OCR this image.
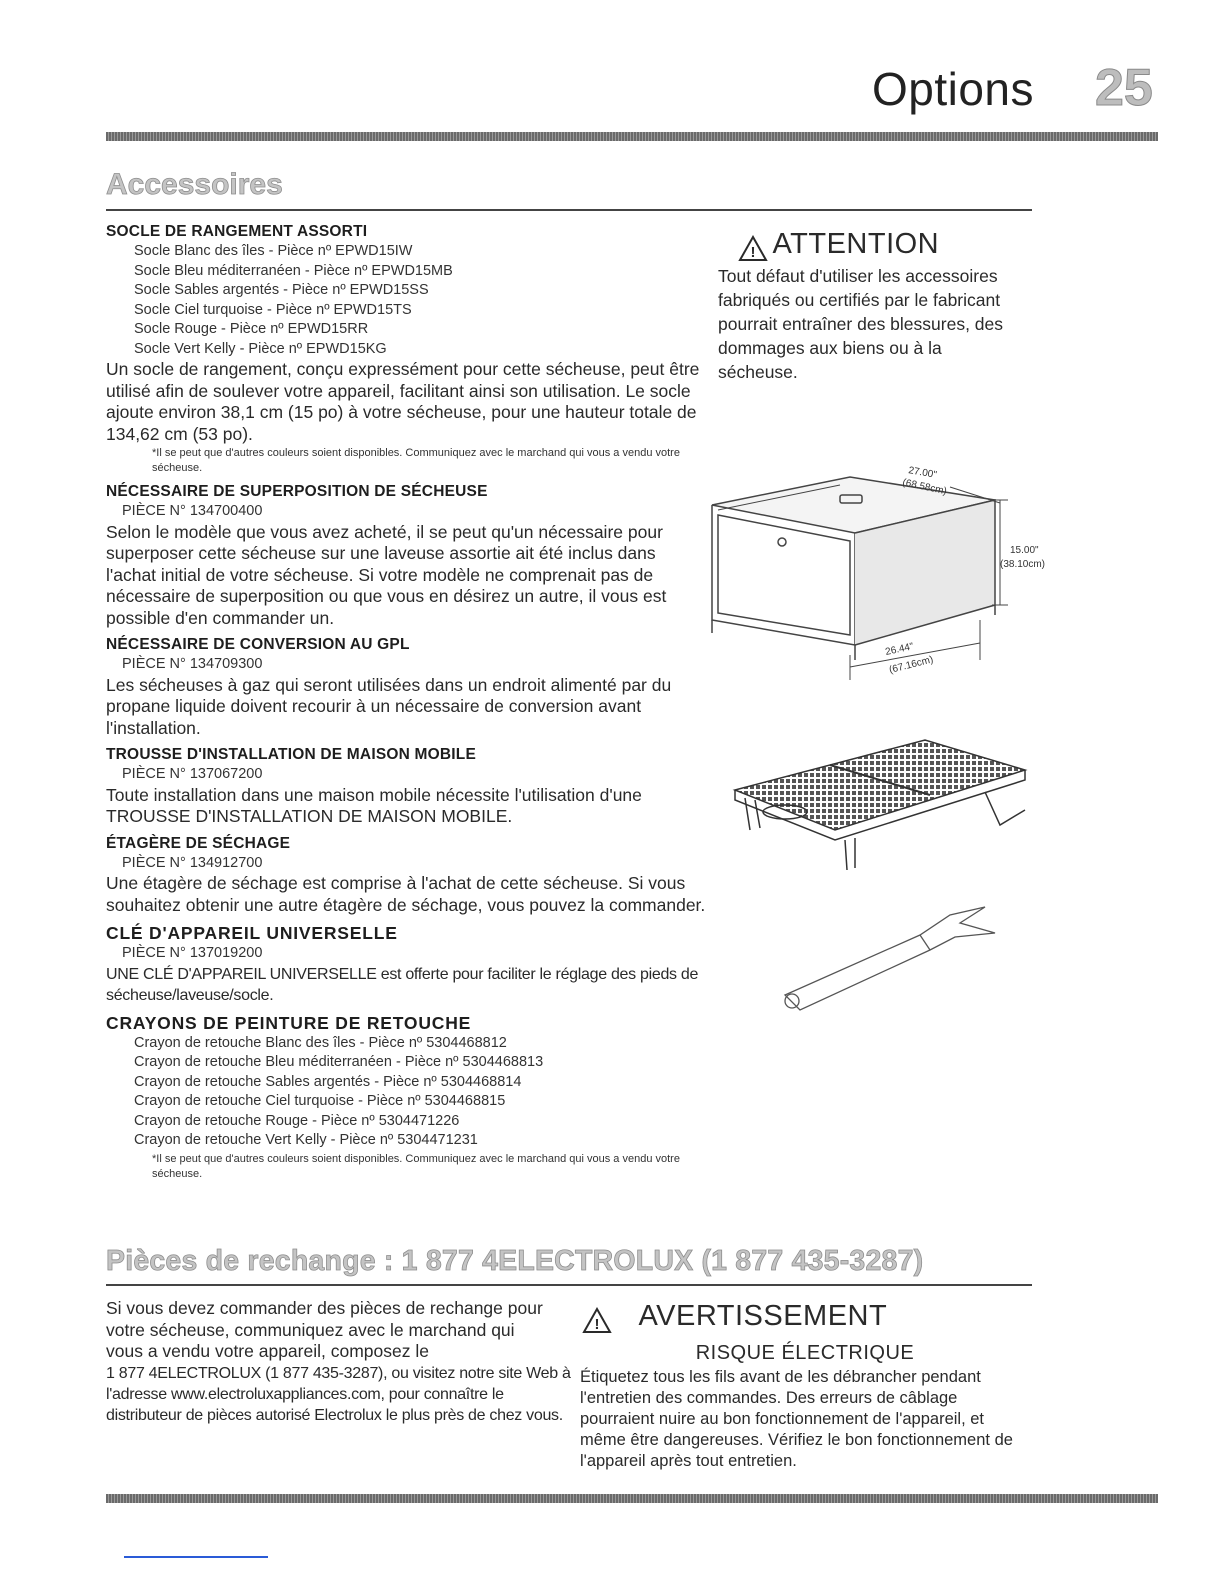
Options 25
Accessoires

SOCLE DE RANGEMENT ASSORTI

Socle Blanc des îles - Pièce nº EPWD15IW

Socle Bleu méditerranéen - Pièce nº EPWD15MB

Socle Sables argentés - Pièce nº EPWD15SS

Socle Ciel turquoise - Pièce nº EPWD15TS

Socle Rouge - Pièce nº EPWD15RR

Socle Vert Kelly - Pièce nº EPWD15KG

Un socle de rangement, conçu expressément pour cette sécheuse, peut être utilisé afin de soulever votre appareil, facilitant ainsi son utilisation. Le socle ajoute environ 38,1 cm (15 po) à votre sécheuse, pour une hauteur totale de 134,62 cm (53 po).

*Il se peut que d'autres couleurs soient disponibles. Communiquez avec le marchand qui vous a vendu votre sécheuse.

NÉCESSAIRE DE SUPERPOSITION DE SÉCHEUSE

PIÈCE N° 134700400

Selon le modèle que vous avez acheté, il se peut qu'un nécessaire pour superposer cette sécheuse sur une laveuse assortie ait été inclus dans l'achat initial de votre sécheuse. Si votre modèle ne comprenait pas de nécessaire de superposition ou que vous en désirez un autre, il vous est possible d'en commander un.

NÉCESSAIRE DE CONVERSION AU GPL

PIÈCE N° 134709300

Les sécheuses à gaz qui seront utilisées dans un endroit alimenté par du propane liquide doivent recourir à un nécessaire de conversion avant l'installation.

TROUSSE D'INSTALLATION DE MAISON MOBILE

PIÈCE N° 137067200

Toute installation dans une maison mobile nécessite l'utilisation d'une TROUSSE D'INSTALLATION DE MAISON MOBILE.

ÉTAGÈRE DE SÉCHAGE

PIÈCE N° 134912700

Une étagère de séchage est comprise à l'achat de cette sécheuse. Si vous souhaitez obtenir une autre étagère de séchage, vous pouvez la commander.

CLÉ D'APPAREIL UNIVERSELLE

PIÈCE N° 137019200

UNE CLÉ D'APPAREIL UNIVERSELLE est offerte pour faciliter le réglage des pieds de sécheuse/laveuse/socle.

CRAYONS DE PEINTURE DE RETOUCHE

Crayon de retouche Blanc des îles - Pièce nº 5304468812

Crayon de retouche Bleu méditerranéen - Pièce nº 5304468813

Crayon de retouche Sables argentés - Pièce nº 5304468814

Crayon de retouche Ciel turquoise - Pièce nº 5304468815

Crayon de retouche Rouge - Pièce nº 5304471226

Crayon de retouche Vert Kelly - Pièce nº 5304471231

*Il se peut que d'autres couleurs soient disponibles. Communiquez avec le marchand qui vous a vendu votre sécheuse.

! ATTENTION
Tout défaut d'utiliser les accessoires fabriqués ou certifiés par le fabricant pourrait entraîner des blessures, des dommages aux biens ou à la sécheuse.
27.00"
(68.58cm)
15.00"
(38.10cm)
26.44"
(67.16cm)
Pièces de rechange : 1 877 4ELECTROLUX (1 877 435-3287)

Si vous devez commander des pièces de rechange pour votre sécheuse, communiquez avec le marchand qui vous a vendu votre appareil, composez le

1 877 4ELECTROLUX (1 877 435-3287), ou visitez notre site Web à l'adresse www.electroluxappliances.com, pour connaître le distributeur de pièces autorisé Electrolux le plus près de chez vous.

! AVERTISSEMENT
RISQUE ÉLECTRIQUE
Étiquetez tous les fils avant de les débrancher pendant l'entretien des commandes. Des erreurs de câblage pourraient nuire au bon fonctionnement de l'appareil, et même être dangereuses. Vérifiez le bon fonctionnement de l'appareil après tout entretien.
